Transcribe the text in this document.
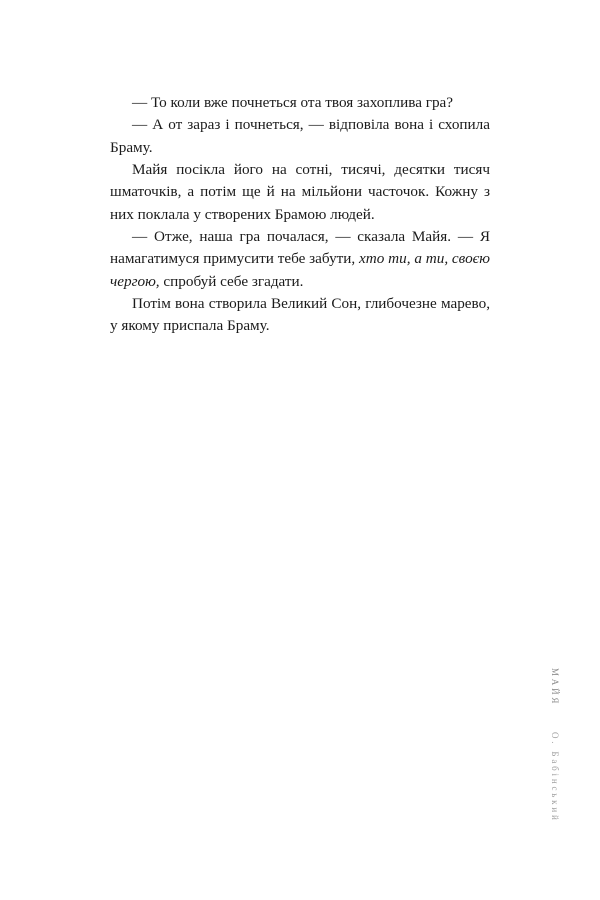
— То коли вже почнеться ота твоя захоплива гра?

— А от зараз і почнеться, — відповіла вона і схопила Браму.

Майя посікла його на сотні, тисячі, десятки тисяч шматочків, а потім ще й на мільйони часточок. Кожну з них поклала у створених Брамою людей.

— Отже, наша гра почалася, — сказала Майя. — Я намагатимуся примусити тебе забути, хто ти, а ти, своєю чергою, спробуй себе згадати.

Потім вона створила Великий Сон, глибочезне марево, у якому приспала Браму.

МАЙЯ
О. Бабінський
